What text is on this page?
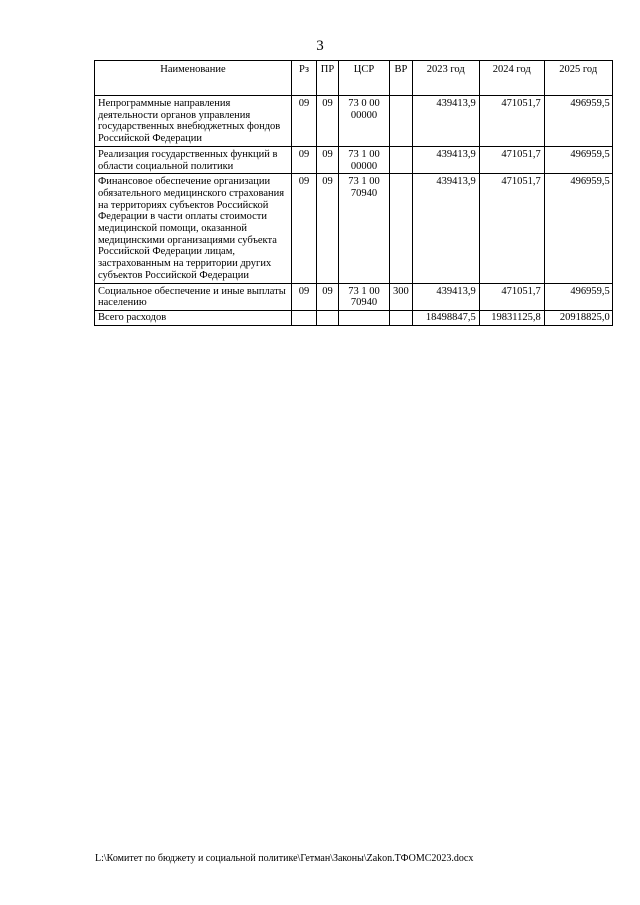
3
Наименование	Рз	ПР	ЦСР	ВР	2023 год	2024 год	2025 год
Непрограммные направления деятельности органов управления государственных внебюджетных фондов Российской Федерации	09	09	73 0 00 00000		439413,9	471051,7	496959,5
Реализация государственных функций в области социальной политики	09	09	73 1 00 00000		439413,9	471051,7	496959,5
Финансовое обеспечение организации обязательного медицинского страхования на территориях субъектов Российской Федерации в части оплаты стоимости медицинской помощи, оказанной медицинскими организациями субъекта Российской Федерации лицам, застрахованным на территории других субъектов Российской Федерации	09	09	73 1 00 70940		439413,9	471051,7	496959,5
Социальное обеспечение и иные выплаты населению	09	09	73 1 00 70940	300	439413,9	471051,7	496959,5
Всего расходов					18498847,5	19831125,8	20918825,0
L:\Комитет по бюджету и социальной политике\Гетман\Законы\Zakon.ТФОМС2023.docx
